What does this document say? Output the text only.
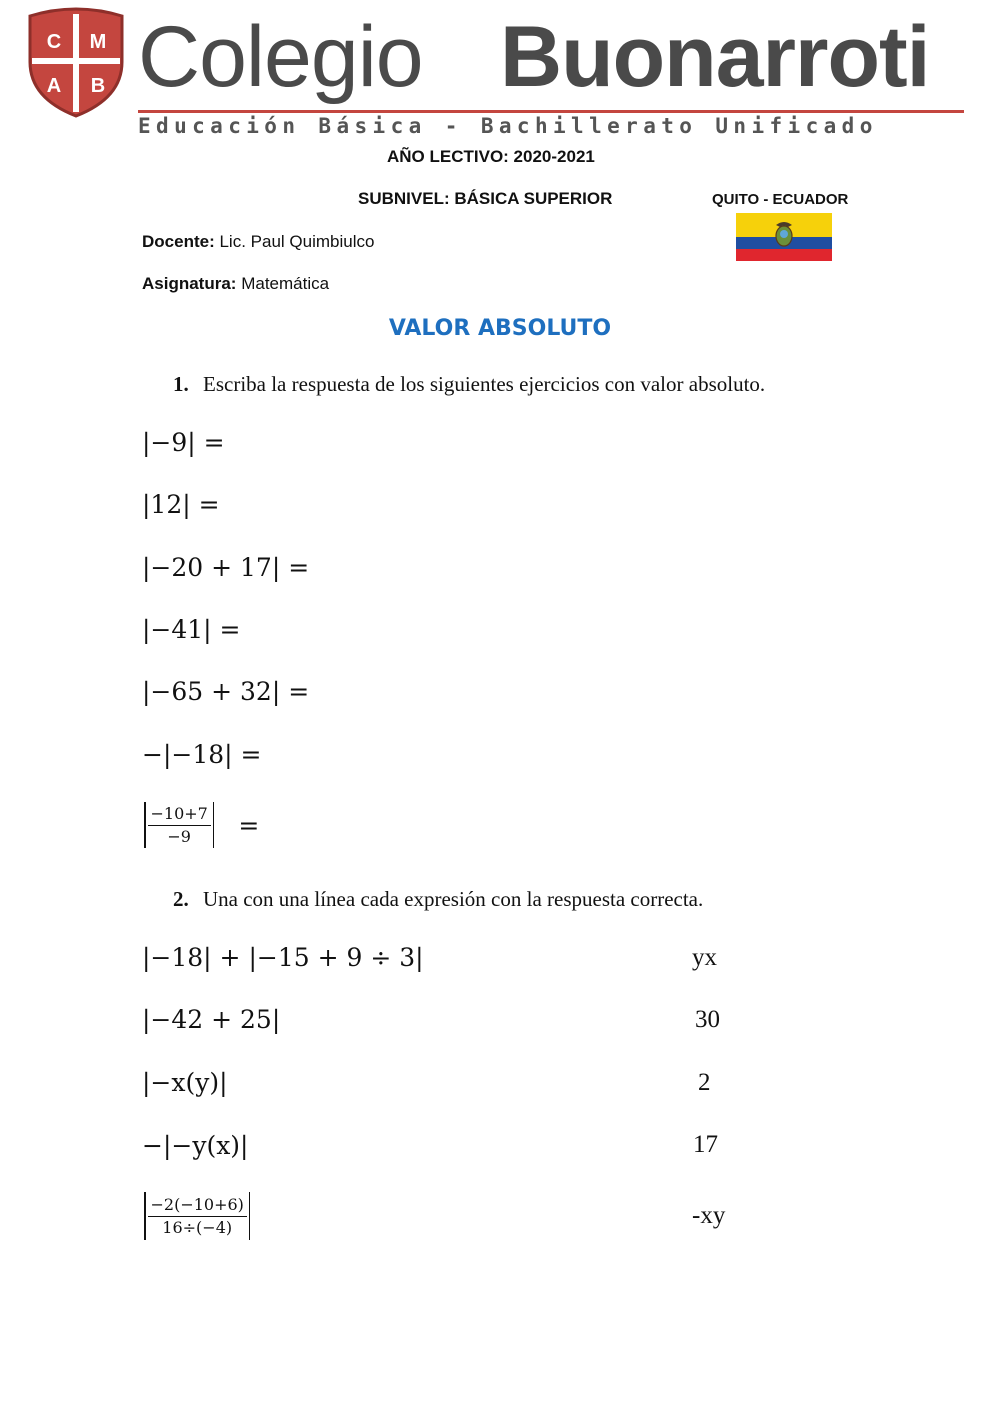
C M
A B Colegio Buonarroti
Educación Básica - Bachillerato Unificado
AÑO LECTIVO: 2020-2021
SUBNIVEL: BÁSICA SUPERIOR	QUITO - ECUADOR
Docente: Lic. Paul Quimbiulco
Asignatura: Matemática
VALOR ABSOLUTO
1. Escriba la respuesta de los siguientes ejercicios con valor absoluto.
|−9| =
|12| =
|−20 + 17| =
|−41| =
|−65 + 32| =
−|−18| =
$\frac{-10+7}{-9}$ =
2. Una con una línea cada expresión con la respuesta correcta.
|−18| + |−15 + 9 ÷ 3|
|−42 + 25|
|−x(y)|
−|−y(x)|
$\frac{-2(-10+6)}{16\div(-4)}$
yx
30
2
17
-xy
